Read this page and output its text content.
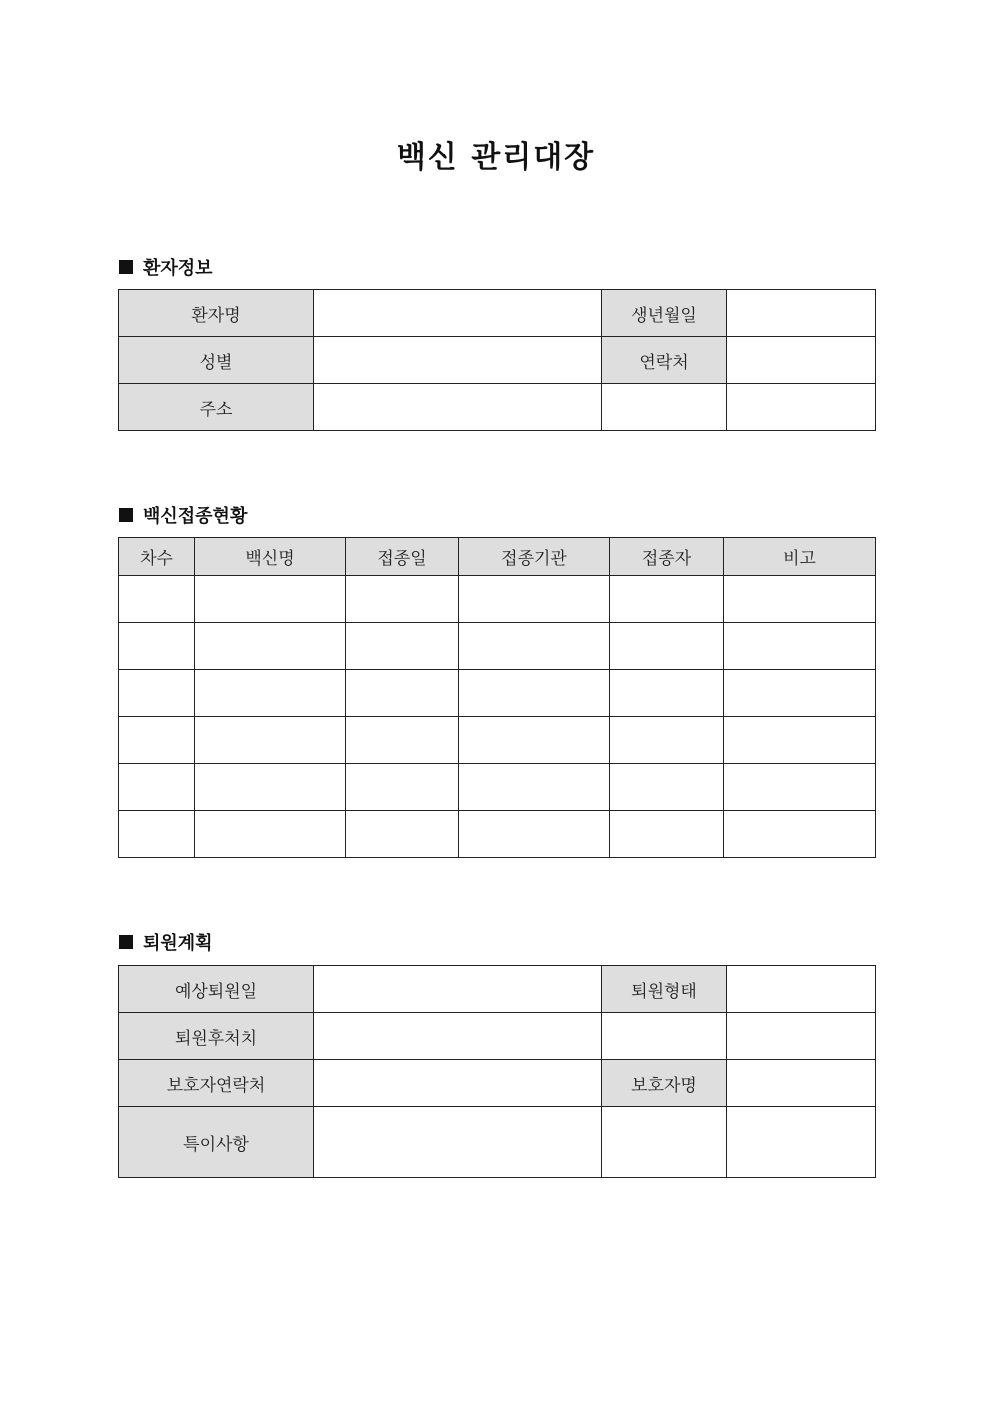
백신 관리대장
환자정보
환자명		생년월일	
성별		연락처	
주소			
백신접종현황
차수	백신명	접종일	접종기관	접종자	비고

퇴원계획
예상퇴원일		퇴원형태	
퇴원후처치			
보호자연락처		보호자명	
특이사항			
